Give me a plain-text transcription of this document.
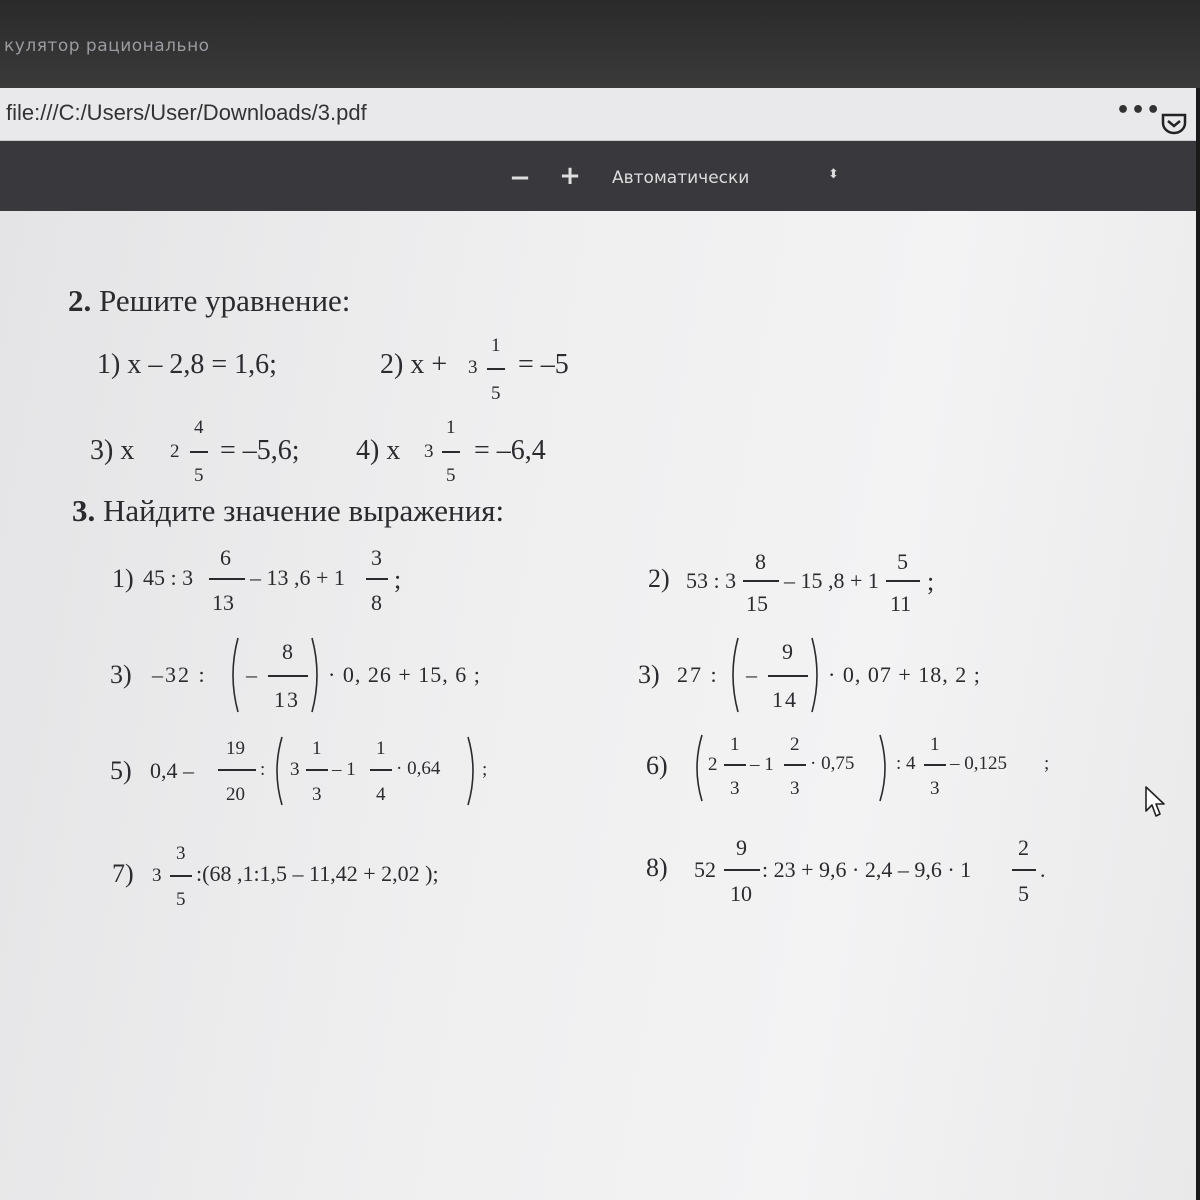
кулятор рационально
file:///C:/Users/User/Downloads/3.pdf	•••
− + Автоматически	⬍
2. Решите уравнение:
1) x – 2,8 = 1,6;	2) x + 3
1
5
= –5
3) x 2
4
5
= –5,6; 4) x 3
1
5
= –6,4
3. Найдите значение выражения:
1) 45 : 3
6
13
– 13 ,6 + 1
3
8
;	2) 53 : 3
8
15
– 15 ,8 + 1
5
11
;
3) –32 : –
8
13
· 0, 26 + 15, 6 ;	3) 27 : –
9
14
· 0, 07 + 18, 2 ;
5) 0,4 –
19
20
: 3
1
3
– 1
1
4
· 0,64 ;	6) 2
1
3
– 1
2
3
· 0,75 : 4
1
3
– 0,125 ;
7) 3
3
5
:(68 ,1:1,5 – 11,42 + 2,02 );	8) 52
9
10
: 23 + 9,6 · 2,4 – 9,6 · 1
2
5
.
